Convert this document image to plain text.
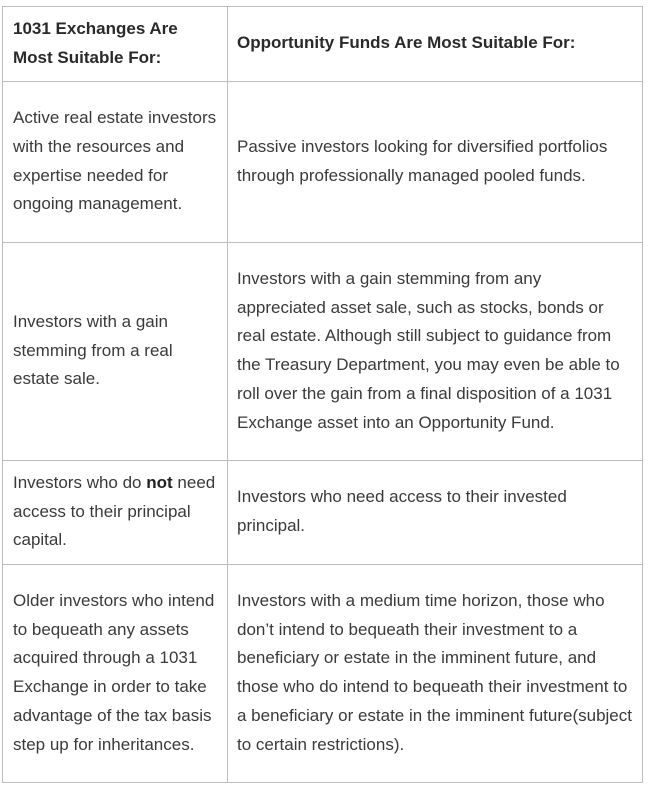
1031 Exchanges Are Most Suitable For:	Opportunity Funds Are Most Suitable For:
Active real estate investors with the resources and expertise needed for ongoing management.	Passive investors looking for diversified portfolios through professionally managed pooled funds.
Investors with a gain stemming from a real estate sale.	Investors with a gain stemming from any appreciated asset sale, such as stocks, bonds or real estate. Although still subject to guidance from the Treasury Department, you may even be able to roll over the gain from a final disposition of a 1031 Exchange asset into an Opportunity Fund.
Investors who do not need access to their principal capital.	Investors who need access to their invested principal.
Older investors who intend to bequeath any assets acquired through a 1031 Exchange in order to take advantage of the tax basis step up for inheritances.	Investors with a medium time horizon, those who don’t intend to bequeath their investment to a beneficiary or estate in the imminent future, and those who do intend to bequeath their investment to a beneficiary or estate in the imminent future(subject to certain restrictions).
